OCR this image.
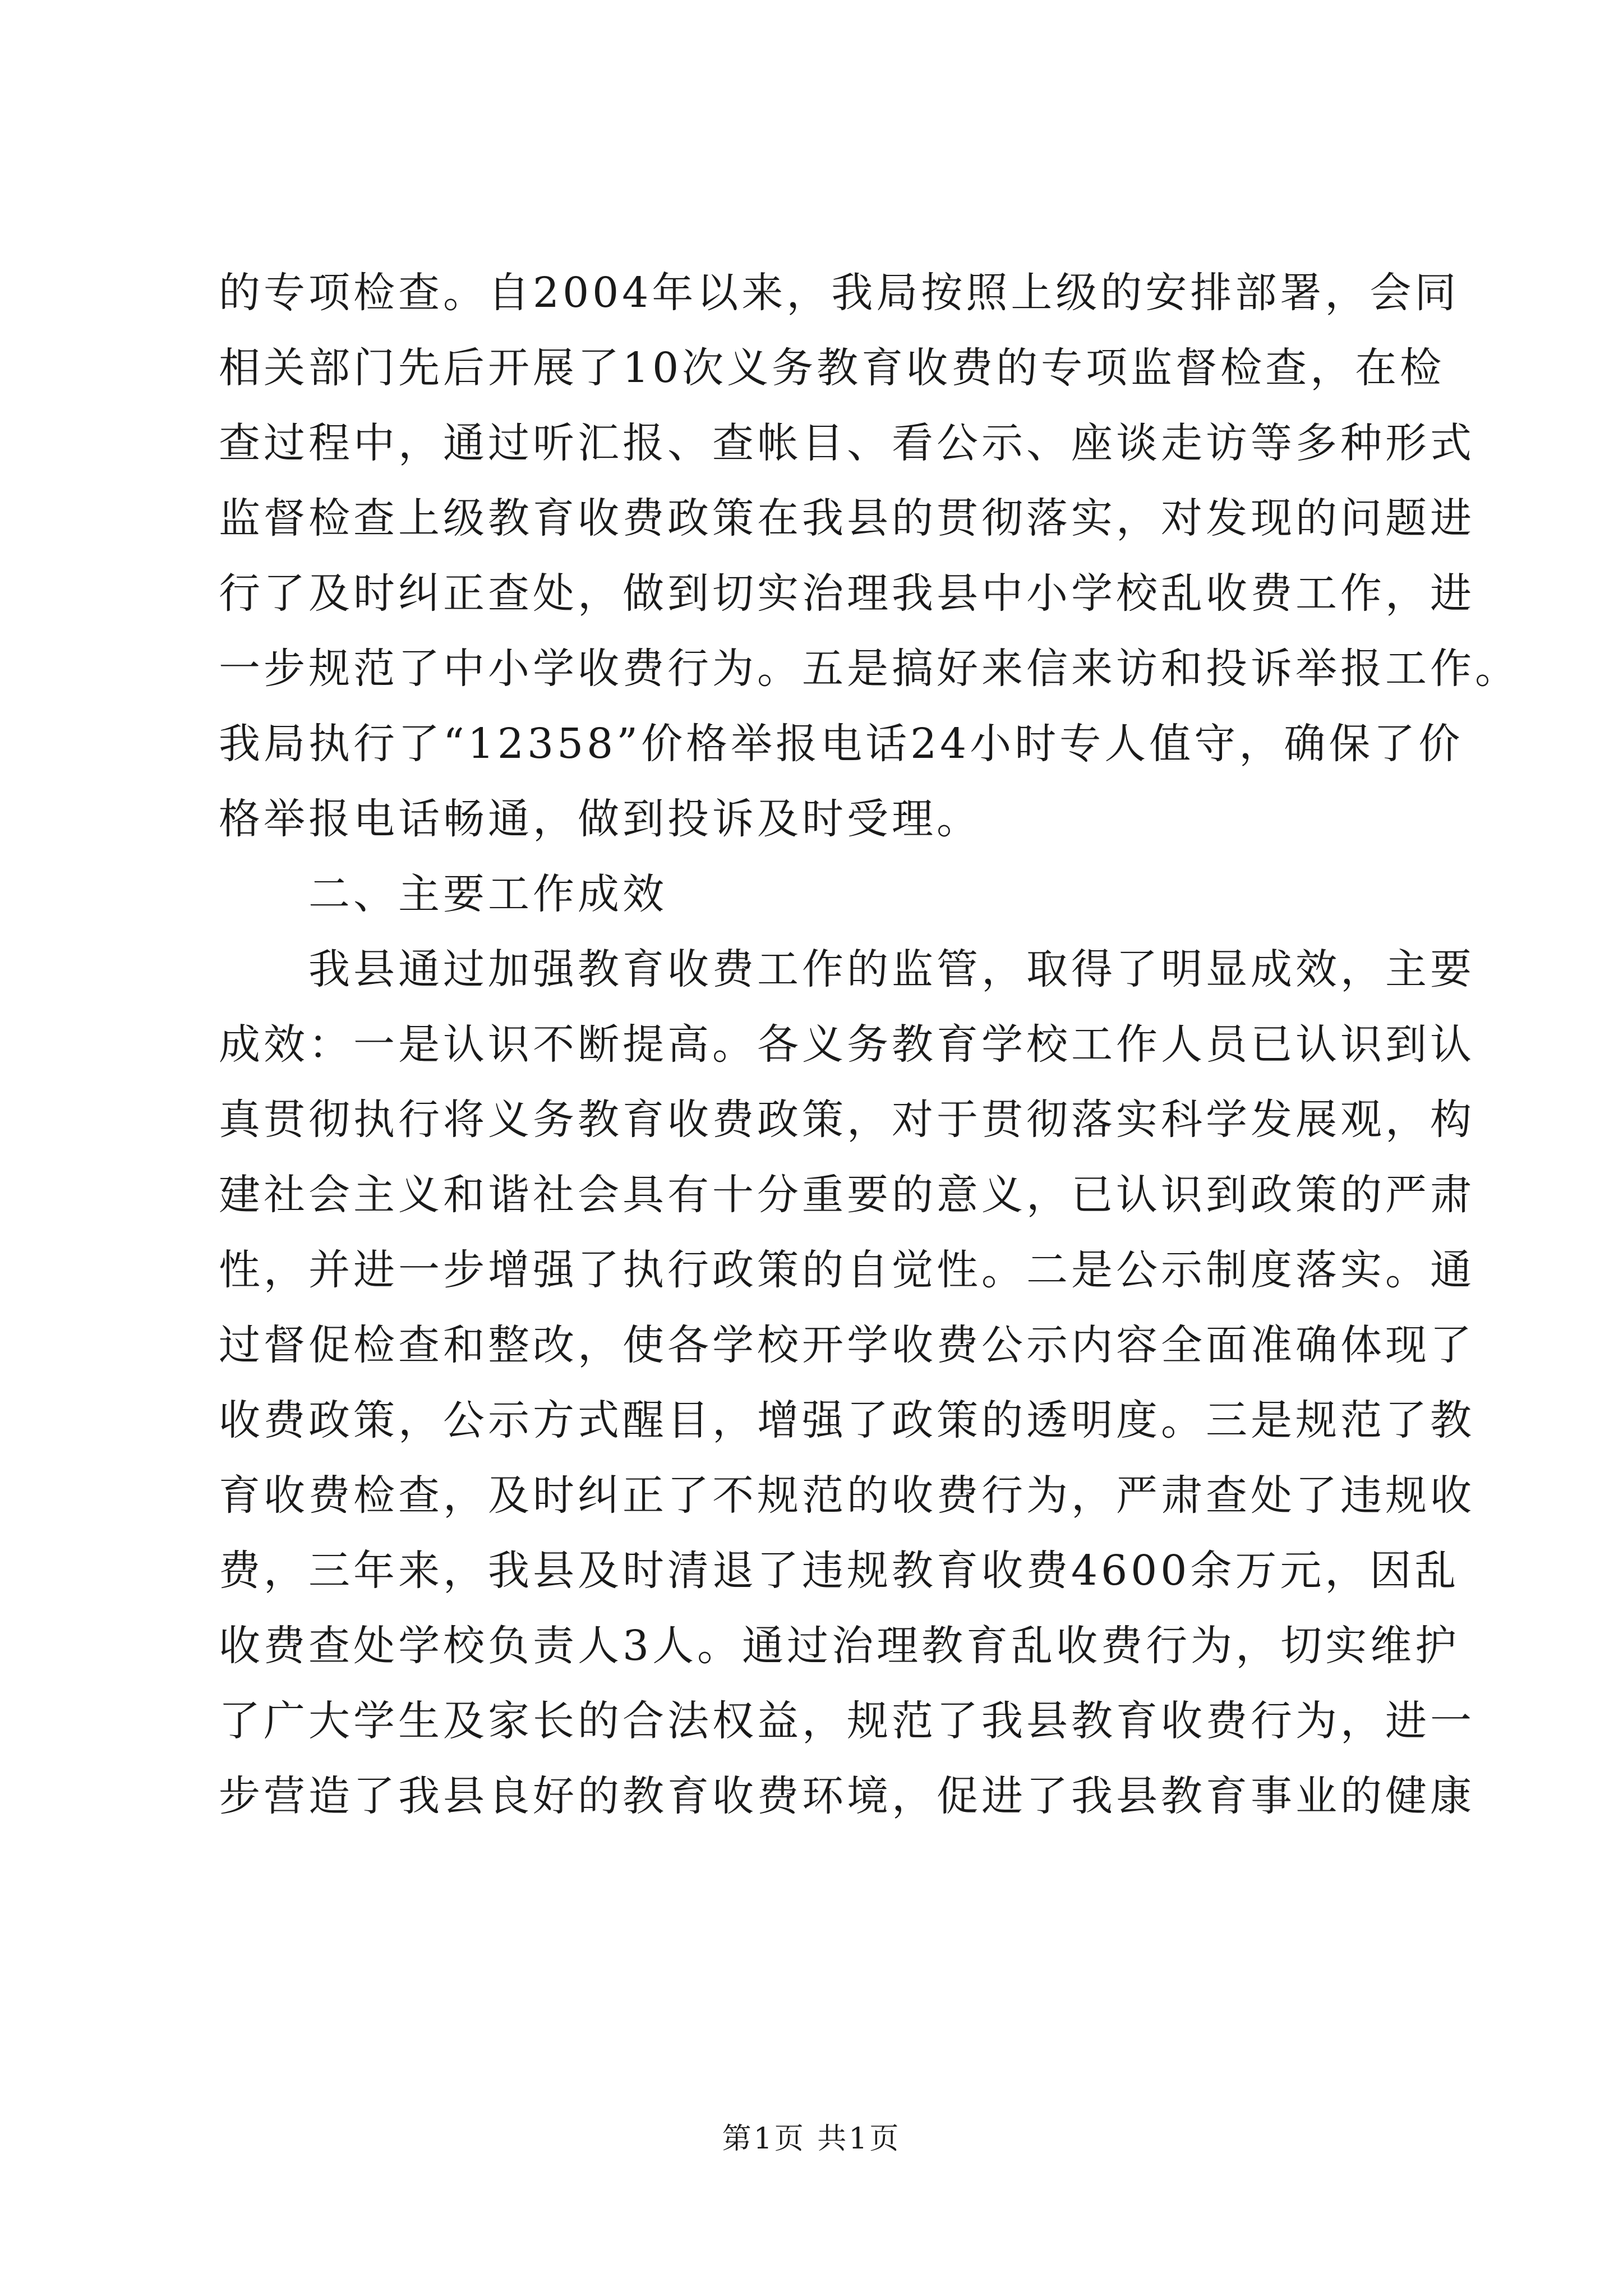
的专项检查。自2004年以来，我局按照上级的安排部署，会同
相关部门先后开展了10次义务教育收费的专项监督检查，在检
查过程中，通过听汇报、查帐目、看公示、座谈走访等多种形式
监督检查上级教育收费政策在我县的贯彻落实，对发现的问题进
行了及时纠正查处，做到切实治理我县中小学校乱收费工作，进
一步规范了中小学收费行为。五是搞好来信来访和投诉举报工作。
我局执行了“12358”价格举报电话24小时专人值守，确保了价
格举报电话畅通，做到投诉及时受理。
二、主要工作成效
我县通过加强教育收费工作的监管，取得了明显成效，主要
成效：一是认识不断提高。各义务教育学校工作人员已认识到认
真贯彻执行将义务教育收费政策，对于贯彻落实科学发展观，构
建社会主义和谐社会具有十分重要的意义，已认识到政策的严肃
性，并进一步增强了执行政策的自觉性。二是公示制度落实。通
过督促检查和整改，使各学校开学收费公示内容全面准确体现了
收费政策，公示方式醒目，增强了政策的透明度。三是规范了教
育收费检查，及时纠正了不规范的收费行为，严肃查处了违规收
费，三年来，我县及时清退了违规教育收费4600余万元，因乱
收费查处学校负责人3人。通过治理教育乱收费行为，切实维护
了广大学生及家长的合法权益，规范了我县教育收费行为，进一
步营造了我县良好的教育收费环境，促进了我县教育事业的健康
第1页 共1页
